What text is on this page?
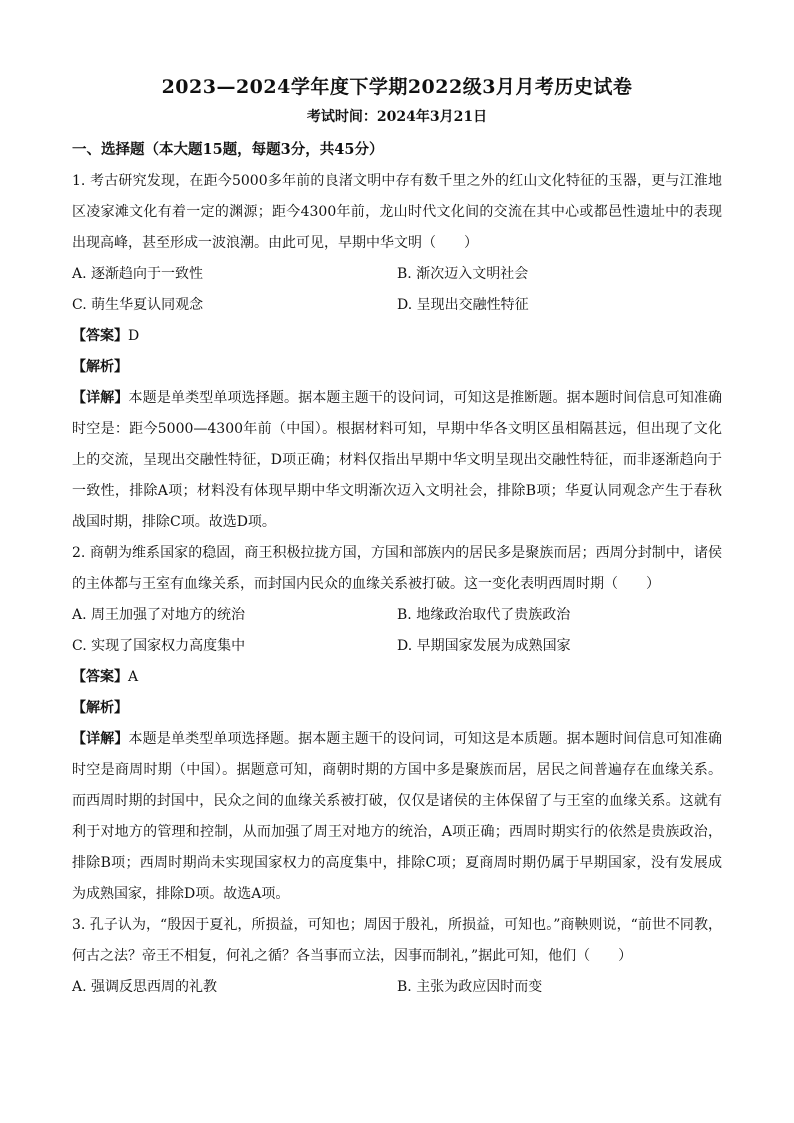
2023—2024学年度下学期2022级3月月考历史试卷
考试时间：2024年3月21日
一、选择题（本大题15题，每题3分，共45分）

1. 考古研究发现，在距今5000多年前的良渚文明中存有数千里之外的红山文化特征的玉器，更与江淮地区凌家滩文化有着一定的渊源；距今4300年前，龙山时代文化间的交流在其中心或都邑性遗址中的表现出现高峰，甚至形成一波浪潮。由此可见，早期中华文明（　　）

A. 逐渐趋向于一致性	B. 渐次迈入文明社会

C. 萌生华夏认同观念	D. 呈现出交融性特征

【答案】D

【解析】

【详解】本题是单类型单项选择题。据本题主题干的设问词，可知这是推断题。据本题时间信息可知准确时空是：距今5000—4300年前（中国）。根据材料可知，早期中华各文明区虽相隔甚远，但出现了文化上的交流，呈现出交融性特征，D项正确；材料仅指出早期中华文明呈现出交融性特征，而非逐渐趋向于一致性，排除A项；材料没有体现早期中华文明渐次迈入文明社会，排除B项；华夏认同观念产生于春秋战国时期，排除C项。故选D项。

2. 商朝为维系国家的稳固，商王积极拉拢方国，方国和部族内的居民多是聚族而居；西周分封制中，诸侯的主体都与王室有血缘关系，而封国内民众的血缘关系被打破。这一变化表明西周时期（　　）

A. 周王加强了对地方的统治	B. 地缘政治取代了贵族政治

C. 实现了国家权力高度集中	D. 早期国家发展为成熟国家

【答案】A

【解析】

【详解】本题是单类型单项选择题。据本题主题干的设问词，可知这是本质题。据本题时间信息可知准确时空是商周时期（中国）。据题意可知，商朝时期的方国中多是聚族而居，居民之间普遍存在血缘关系。而西周时期的封国中，民众之间的血缘关系被打破，仅仅是诸侯的主体保留了与王室的血缘关系。这就有利于对地方的管理和控制，从而加强了周王对地方的统治，A项正确；西周时期实行的依然是贵族政治，排除B项；西周时期尚未实现国家权力的高度集中，排除C项；夏商周时期仍属于早期国家，没有发展成为成熟国家，排除D项。故选A项。

3. 孔子认为，“殷因于夏礼，所损益，可知也；周因于殷礼，所损益，可知也。”商鞅则说，“前世不同教，何古之法？帝王不相复，何礼之循？各当事而立法，因事而制礼，”据此可知，他们（　　）

A. 强调反思西周的礼教	B. 主张为政应因时而变
